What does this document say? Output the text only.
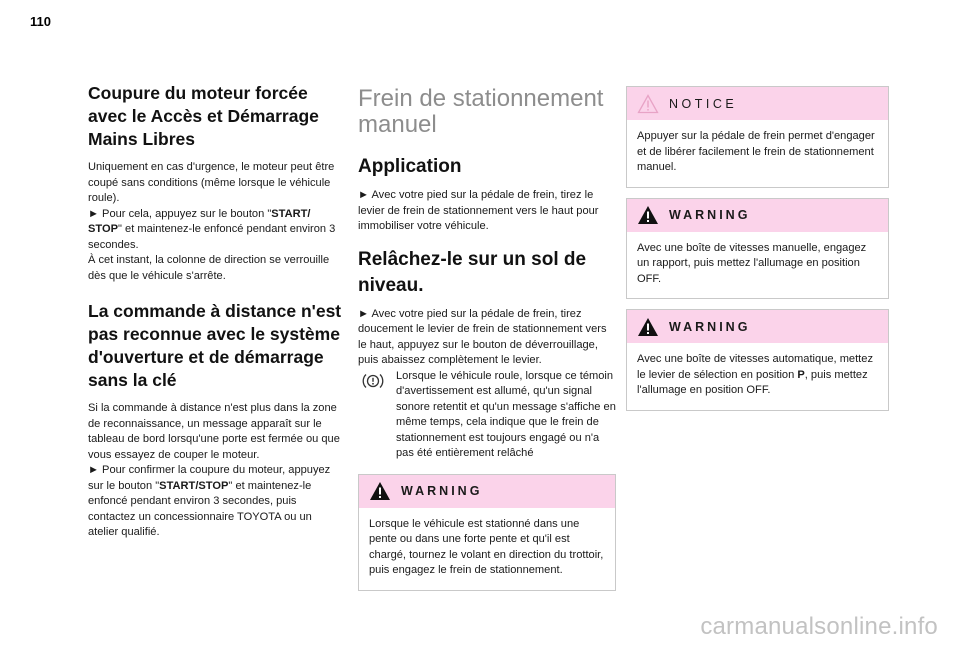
110
Coupure du moteur forcée avec le Accès et Démarrage Mains Libres

Uniquement en cas d'urgence, le moteur peut être coupé sans conditions (même lorsque le véhicule roule).

► Pour cela, appuyez sur le bouton "START/ STOP" et maintenez-le enfoncé pendant environ 3 secondes.

À cet instant, la colonne de direction se verrouille dès que le véhicule s'arrête.

La commande à distance n'est pas reconnue avec le système d'ouverture et de démarrage sans la clé

Si la commande à distance n'est plus dans la zone de reconnaissance, un message apparaît sur le tableau de bord lorsqu'une porte est fermée ou que vous essayez de couper le moteur.

► Pour confirmer la coupure du moteur, appuyez sur le bouton "START/STOP" et maintenez-le enfoncé pendant environ 3 secondes, puis contactez un concessionnaire TOYOTA ou un atelier qualifié.

Frein de stationnement manuel
Application

► Avec votre pied sur la pédale de frein, tirez le levier de frein de stationnement vers le haut pour immobiliser votre véhicule.

Relâchez-le sur un sol de niveau.

► Avec votre pied sur la pédale de frein, tirez doucement le levier de frein de stationnement vers le haut, appuyez sur le bouton de déverrouillage, puis abaissez complètement le levier.

Lorsque le véhicule roule, lorsque ce témoin d'avertissement est allumé, qu'un signal sonore retentit et qu'un message s'affiche en même temps, cela indique que le frein de stationnement est toujours engagé ou n'a pas été entièrement relâché

WARNING

Lorsque le véhicule est stationné dans une pente ou dans une forte pente et qu'il est chargé, tournez le volant en direction du trottoir, puis engagez le frein de stationnement.

NOTICE

Appuyer sur la pédale de frein permet d'engager et de libérer facilement le frein de stationnement manuel.

WARNING

Avec une boîte de vitesses manuelle, engagez un rapport, puis mettez l'allumage en position OFF.

WARNING

Avec une boîte de vitesses automatique, mettez le levier de sélection en position P, puis mettez l'allumage en position OFF.

carmanualsonline.info
